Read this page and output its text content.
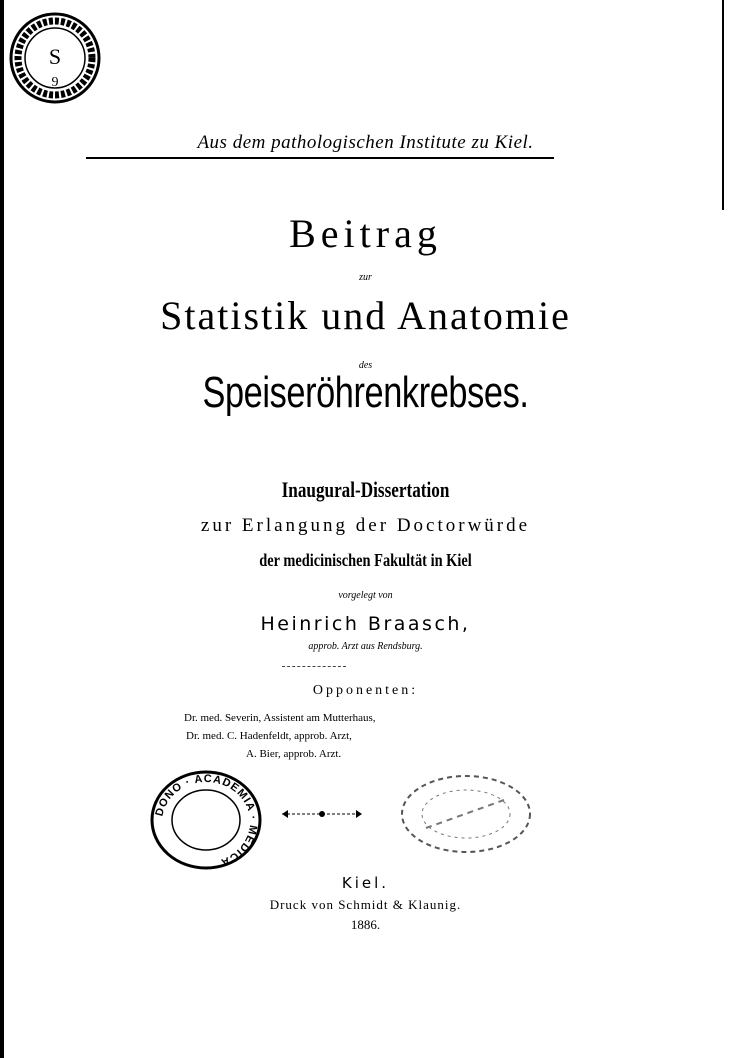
S
9
Aus dem pathologischen Institute zu Kiel.
Beitrag
zur
Statistik und Anatomie
des
Speiseröhrenkrebses.
Inaugural-Dissertation
zur Erlangung der Doctorwürde
der medicinischen Fakultät in Kiel
vorgelegt von
Heinrich Braasch,
approb. Arzt aus Rendsburg.
Opponenten:
Dr. med. Severin, Assistent am Mutterhaus,
Dr. med. C. Hadenfeldt, approb. Arzt,
A. Bier, approb. Arzt.
DONO · ACADEMIA · MEDICA
Kiel.
Druck von Schmidt & Klaunig.
1886.
